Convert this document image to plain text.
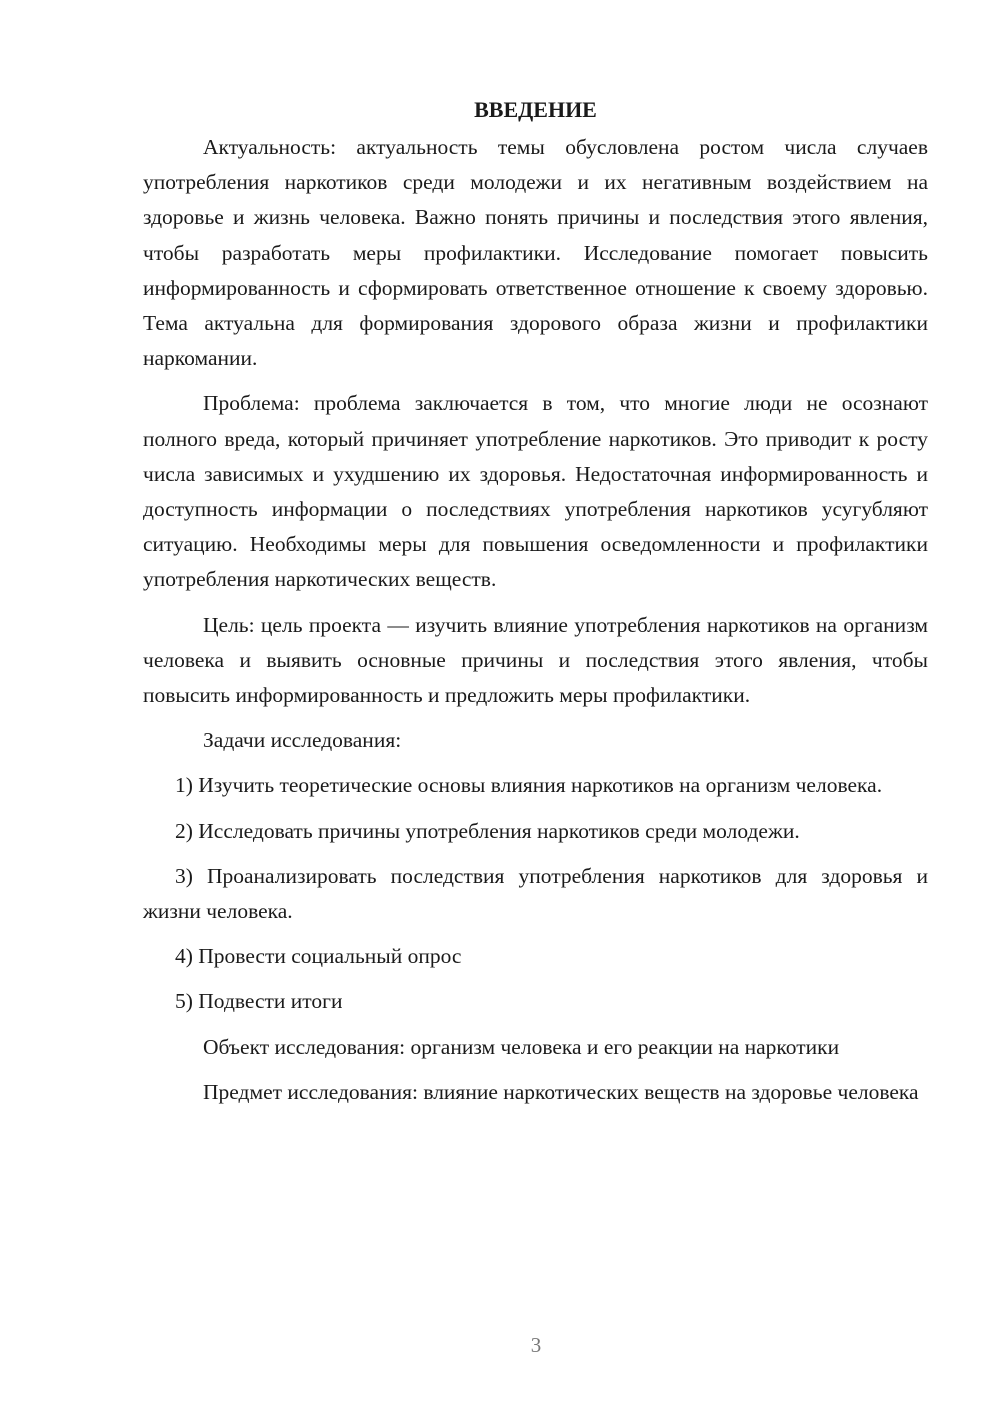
ВВЕДЕНИЕ

Актуальность: актуальность темы обусловлена ростом числа случаев употребления наркотиков среди молодежи и их негативным воздействием на здоровье и жизнь человека. Важно понять причины и последствия этого явления, чтобы разработать меры профилактики. Исследование помогает повысить информированность и сформировать ответственное отношение к своему здоровью. Тема актуальна для формирования здорового образа жизни и профилактики наркомании.

Проблема: проблема заключается в том, что многие люди не осознают полного вреда, который причиняет употребление наркотиков. Это приводит к росту числа зависимых и ухудшению их здоровья. Недостаточная информированность и доступность информации о последствиях употребления наркотиков усугубляют ситуацию. Необходимы меры для повышения осведомленности и профилактики употребления наркотических веществ.

Цель: цель проекта — изучить влияние употребления наркотиков на организм человека и выявить основные причины и последствия этого явления, чтобы повысить информированность и предложить меры профилактики.

Задачи исследования:

1) Изучить теоретические основы влияния наркотиков на организм человека.

2) Исследовать причины употребления наркотиков среди молодежи.

3) Проанализировать последствия употребления наркотиков для здоровья и жизни человека.

4) Провести социальный опрос

5) Подвести итоги

Объект исследования: организм человека и его реакции на наркотики

Предмет исследования: влияние наркотических веществ на здоровье человека

3
